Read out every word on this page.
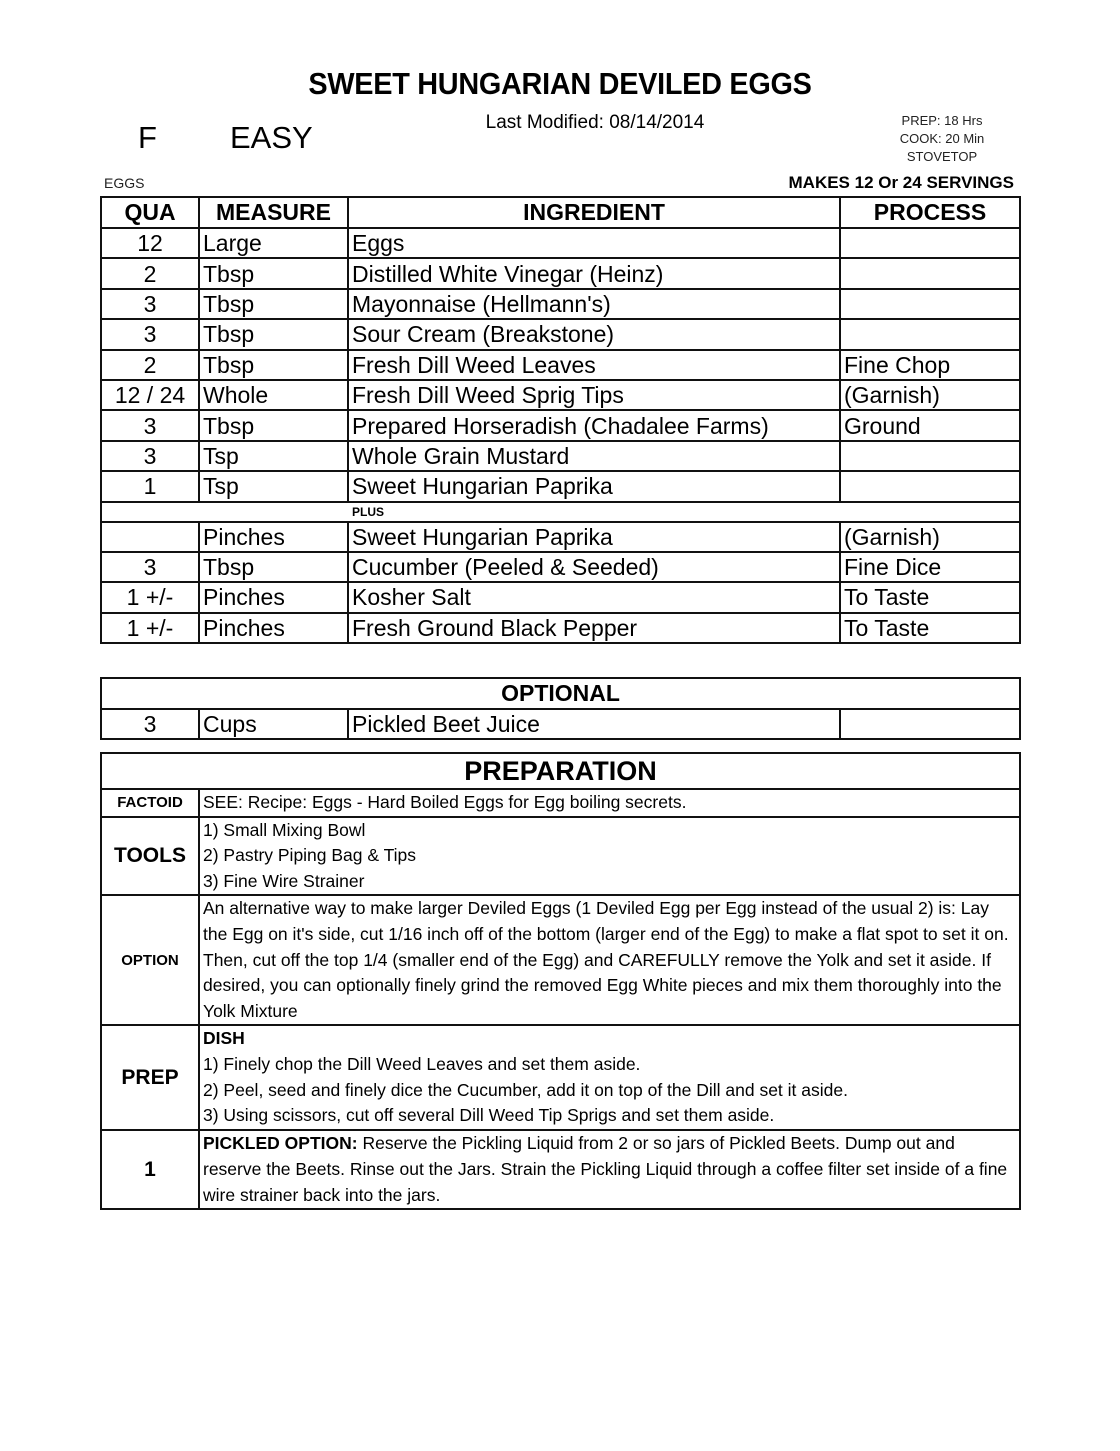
SWEET HUNGARIAN DEVILED EGGS
Last Modified: 08/14/2014
F EASY	PREP: 18 Hrs
COOK: 20 Min
STOVETOP
EGGS	MAKES 12 Or 24 SERVINGS
QUA	MEASURE	INGREDIENT	PROCESS
12	Large	Eggs	
2	Tbsp	Distilled White Vinegar (Heinz)	
3	Tbsp	Mayonnaise (Hellmann's)	
3	Tbsp	Sour Cream (Breakstone)	
2	Tbsp	Fresh Dill Weed Leaves	Fine Chop
12 / 24	Whole	Fresh Dill Weed Sprig Tips	(Garnish)
3	Tbsp	Prepared Horseradish (Chadalee Farms)	Ground
3	Tsp	Whole Grain Mustard	
1	Tsp	Sweet Hungarian Paprika	
PLUS			
	Pinches	Sweet Hungarian Paprika	(Garnish)
3	Tbsp	Cucumber (Peeled & Seeded)	Fine Dice
1 +/-	Pinches	Kosher Salt	To Taste
1 +/-	Pinches	Fresh Ground Black Pepper	To Taste
OPTIONAL
3	Cups	Pickled Beet Juice	
PREPARATION	
FACTOID	SEE: Recipe: Eggs - Hard Boiled Eggs for Egg boiling secrets.
TOOLS	1) Small Mixing Bowl
2) Pastry Piping Bag & Tips
3) Fine Wire Strainer

OPTION	An alternative way to make larger Deviled Eggs (1 Deviled Egg per Egg instead of the usual 2) is: Lay the Egg on it's side, cut 1/16 inch off of the bottom (larger end of the Egg) to make a flat spot to set it on. Then, cut off the top 1/4 (smaller end of the Egg) and CAREFULLY remove the Yolk and set it aside. If desired, you can optionally finely grind the removed Egg White pieces and mix them thoroughly into the Yolk Mixture
PREP	DISH
1) Finely chop the Dill Weed Leaves and set them aside.
2) Peel, seed and finely dice the Cucumber, add it on top of the Dill and set it aside.
3) Using scissors, cut off several Dill Weed Tip Sprigs and set them aside.

1	PICKLED OPTION: Reserve the Pickling Liquid from 2 or so jars of Pickled Beets. Dump out and reserve the Beets. Rinse out the Jars. Strain the Pickling Liquid through a coffee filter set inside of a fine wire strainer back into the jars.
